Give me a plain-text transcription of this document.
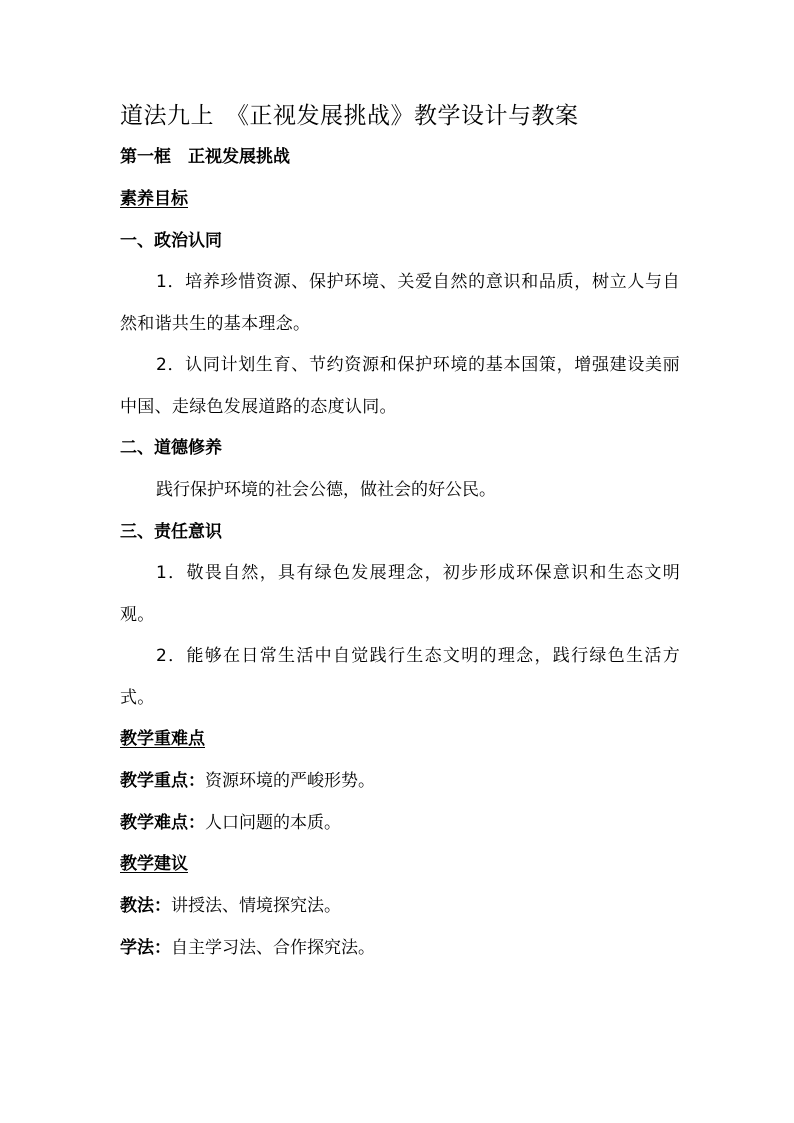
道法九上　《正视发展挑战》教学设计与教案
第一框　正视发展挑战
素养目标
一、政治认同
1．培养珍惜资源、保护环境、关爱自然的意识和品质，树立人与自然和谐共生的基本理念。
2．认同计划生育、节约资源和保护环境的基本国策，增强建设美丽中国、走绿色发展道路的态度认同。
二、道德修养
践行保护环境的社会公德，做社会的好公民。
三、责任意识
1．敬畏自然，具有绿色发展理念，初步形成环保意识和生态文明观。
2．能够在日常生活中自觉践行生态文明的理念，践行绿色生活方式。
教学重难点
教学重点：资源环境的严峻形势。
教学难点：人口问题的本质。
教学建议
教法：讲授法、情境探究法。
学法：自主学习法、合作探究法。
